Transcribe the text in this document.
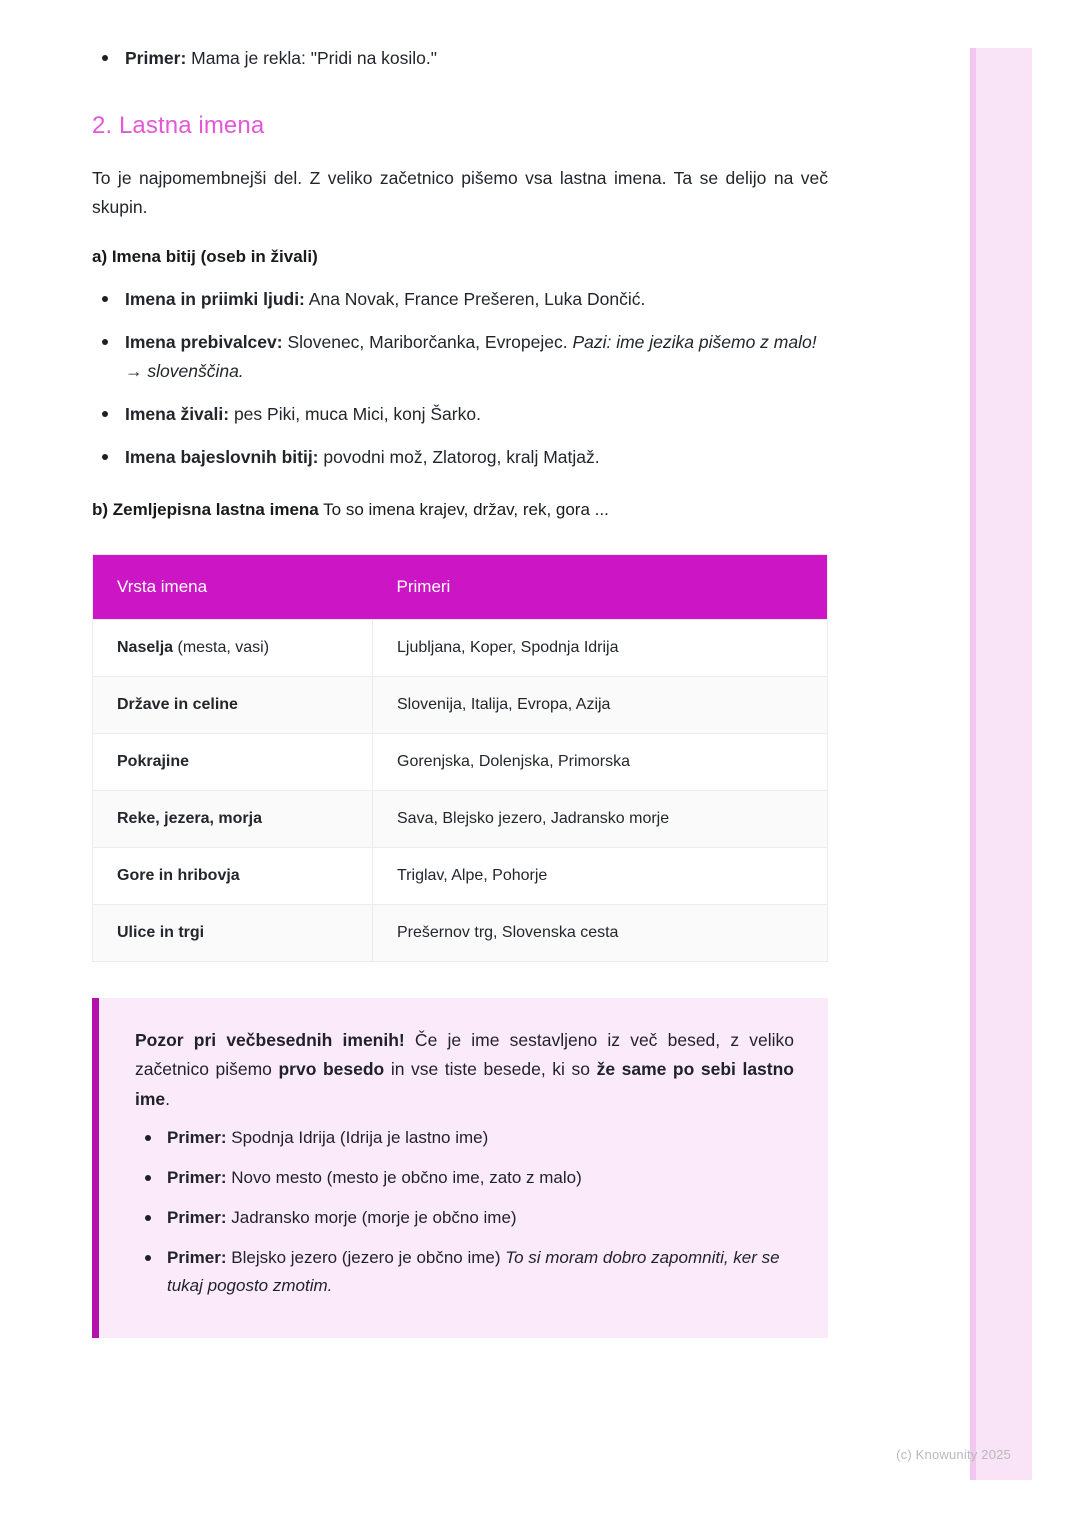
Primer: Mama je rekla: "Pridi na kosilo."
2. Lastna imena

To je najpomembnejši del. Z veliko začetnico pišemo vsa lastna imena. Ta se delijo na več skupin.

a) Imena bitij (oseb in živali)

Imena in priimki ljudi: Ana Novak, France Prešeren, Luka Dončić.
Imena prebivalcev: Slovenec, Mariborčanka, Evropejec. Pazi: ime jezika pišemo z malo! → slovenščina.
Imena živali: pes Piki, muca Mici, konj Šarko.
Imena bajeslovnih bitij: povodni mož, Zlatorog, kralj Matjaž.

b) Zemljepisna lastna imena To so imena krajev, držav, rek, gora ...

Vrsta imena	Primeri
Naselja (mesta, vasi)	Ljubljana, Koper, Spodnja Idrija
Države in celine	Slovenija, Italija, Evropa, Azija
Pokrajine	Gorenjska, Dolenjska, Primorska
Reke, jezera, morja	Sava, Blejsko jezero, Jadransko morje
Gore in hribovja	Triglav, Alpe, Pohorje
Ulice in trgi	Prešernov trg, Slovenska cesta

Pozor pri večbesednih imenih! Če je ime sestavljeno iz več besed, z veliko začetnico pišemo prvo besedo in vse tiste besede, ki so že same po sebi lastno ime.

Primer: Spodnja Idrija (Idrija je lastno ime)
Primer: Novo mesto (mesto je občno ime, zato z malo)
Primer: Jadransko morje (morje je občno ime)
Primer: Blejsko jezero (jezero je občno ime) To si moram dobro zapomniti, ker se tukaj pogosto zmotim.
(c) Knowunity 2025
